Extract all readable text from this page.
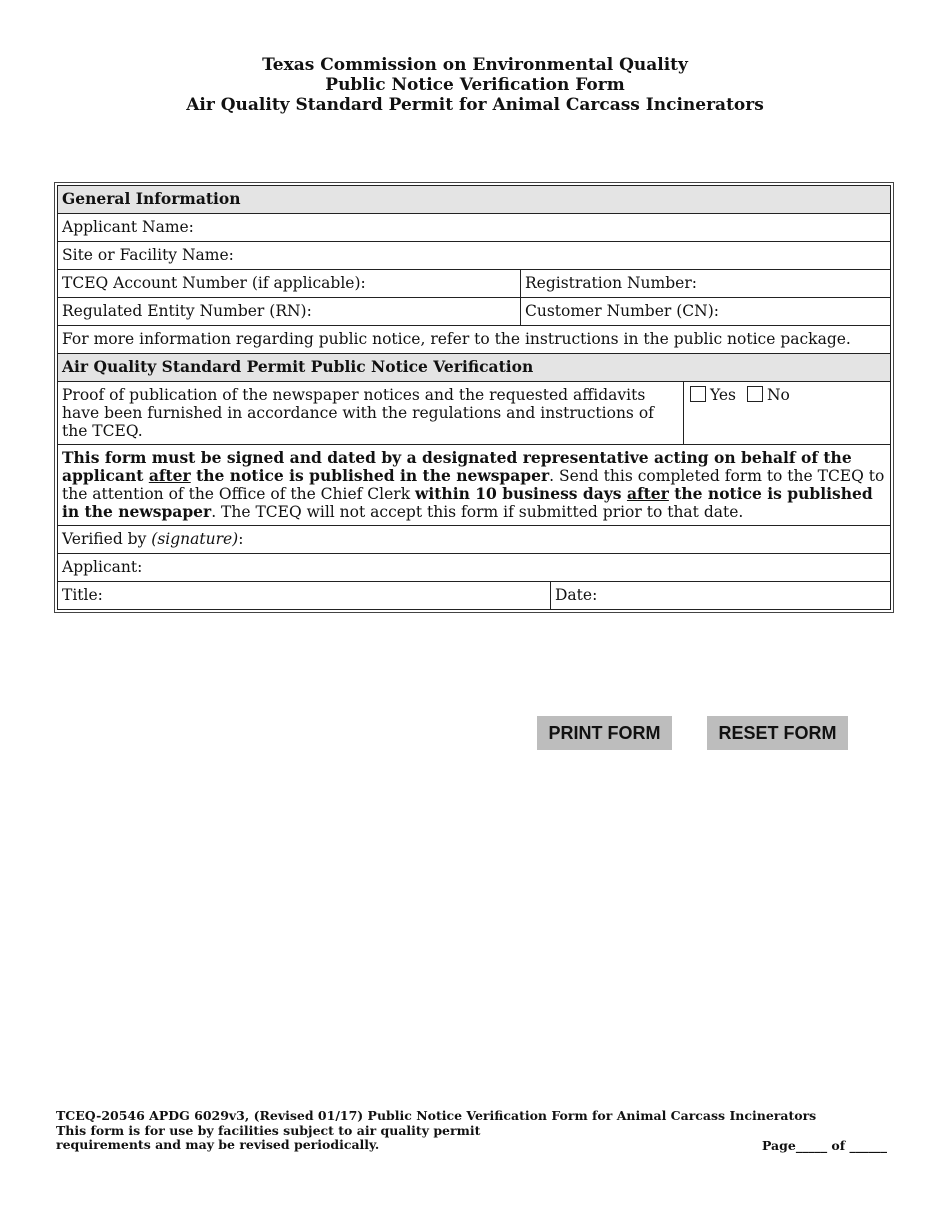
Texas Commission on Environmental Quality
Public Notice Verification Form
Air Quality Standard Permit for Animal Carcass Incinerators
General Information			
Applicant Name:			
Site or Facility Name:			
TCEQ Account Number (if applicable):	Registration Number:		
Regulated Entity Number (RN):	Customer Number (CN):		
For more information regarding public notice, refer to the instructions in the public notice package.			
Air Quality Standard Permit Public Notice Verification			
Proof of publication of the newspaper notices and the requested affidavits have been furnished in accordance with the regulations and instructions of the TCEQ.			Yes No
This form must be signed and dated by a designated representative acting on behalf of the applicant after the notice is published in the newspaper. Send this completed form to the TCEQ to the attention of the Office of the Chief Clerk within 10 business days after the notice is published in the newspaper. The TCEQ will not accept this form if submitted prior to that date.			
Verified by (signature):			
Applicant:			
Title:		Date:	
PRINT FORM	RESET FORM
TCEQ-20546 APDG 6029v3, (Revised 01/17) Public Notice Verification Form for Animal Carcass Incinerators
This form is for use by facilities subject to air quality permit
requirements and may be revised periodically.	Page_____ of ______
